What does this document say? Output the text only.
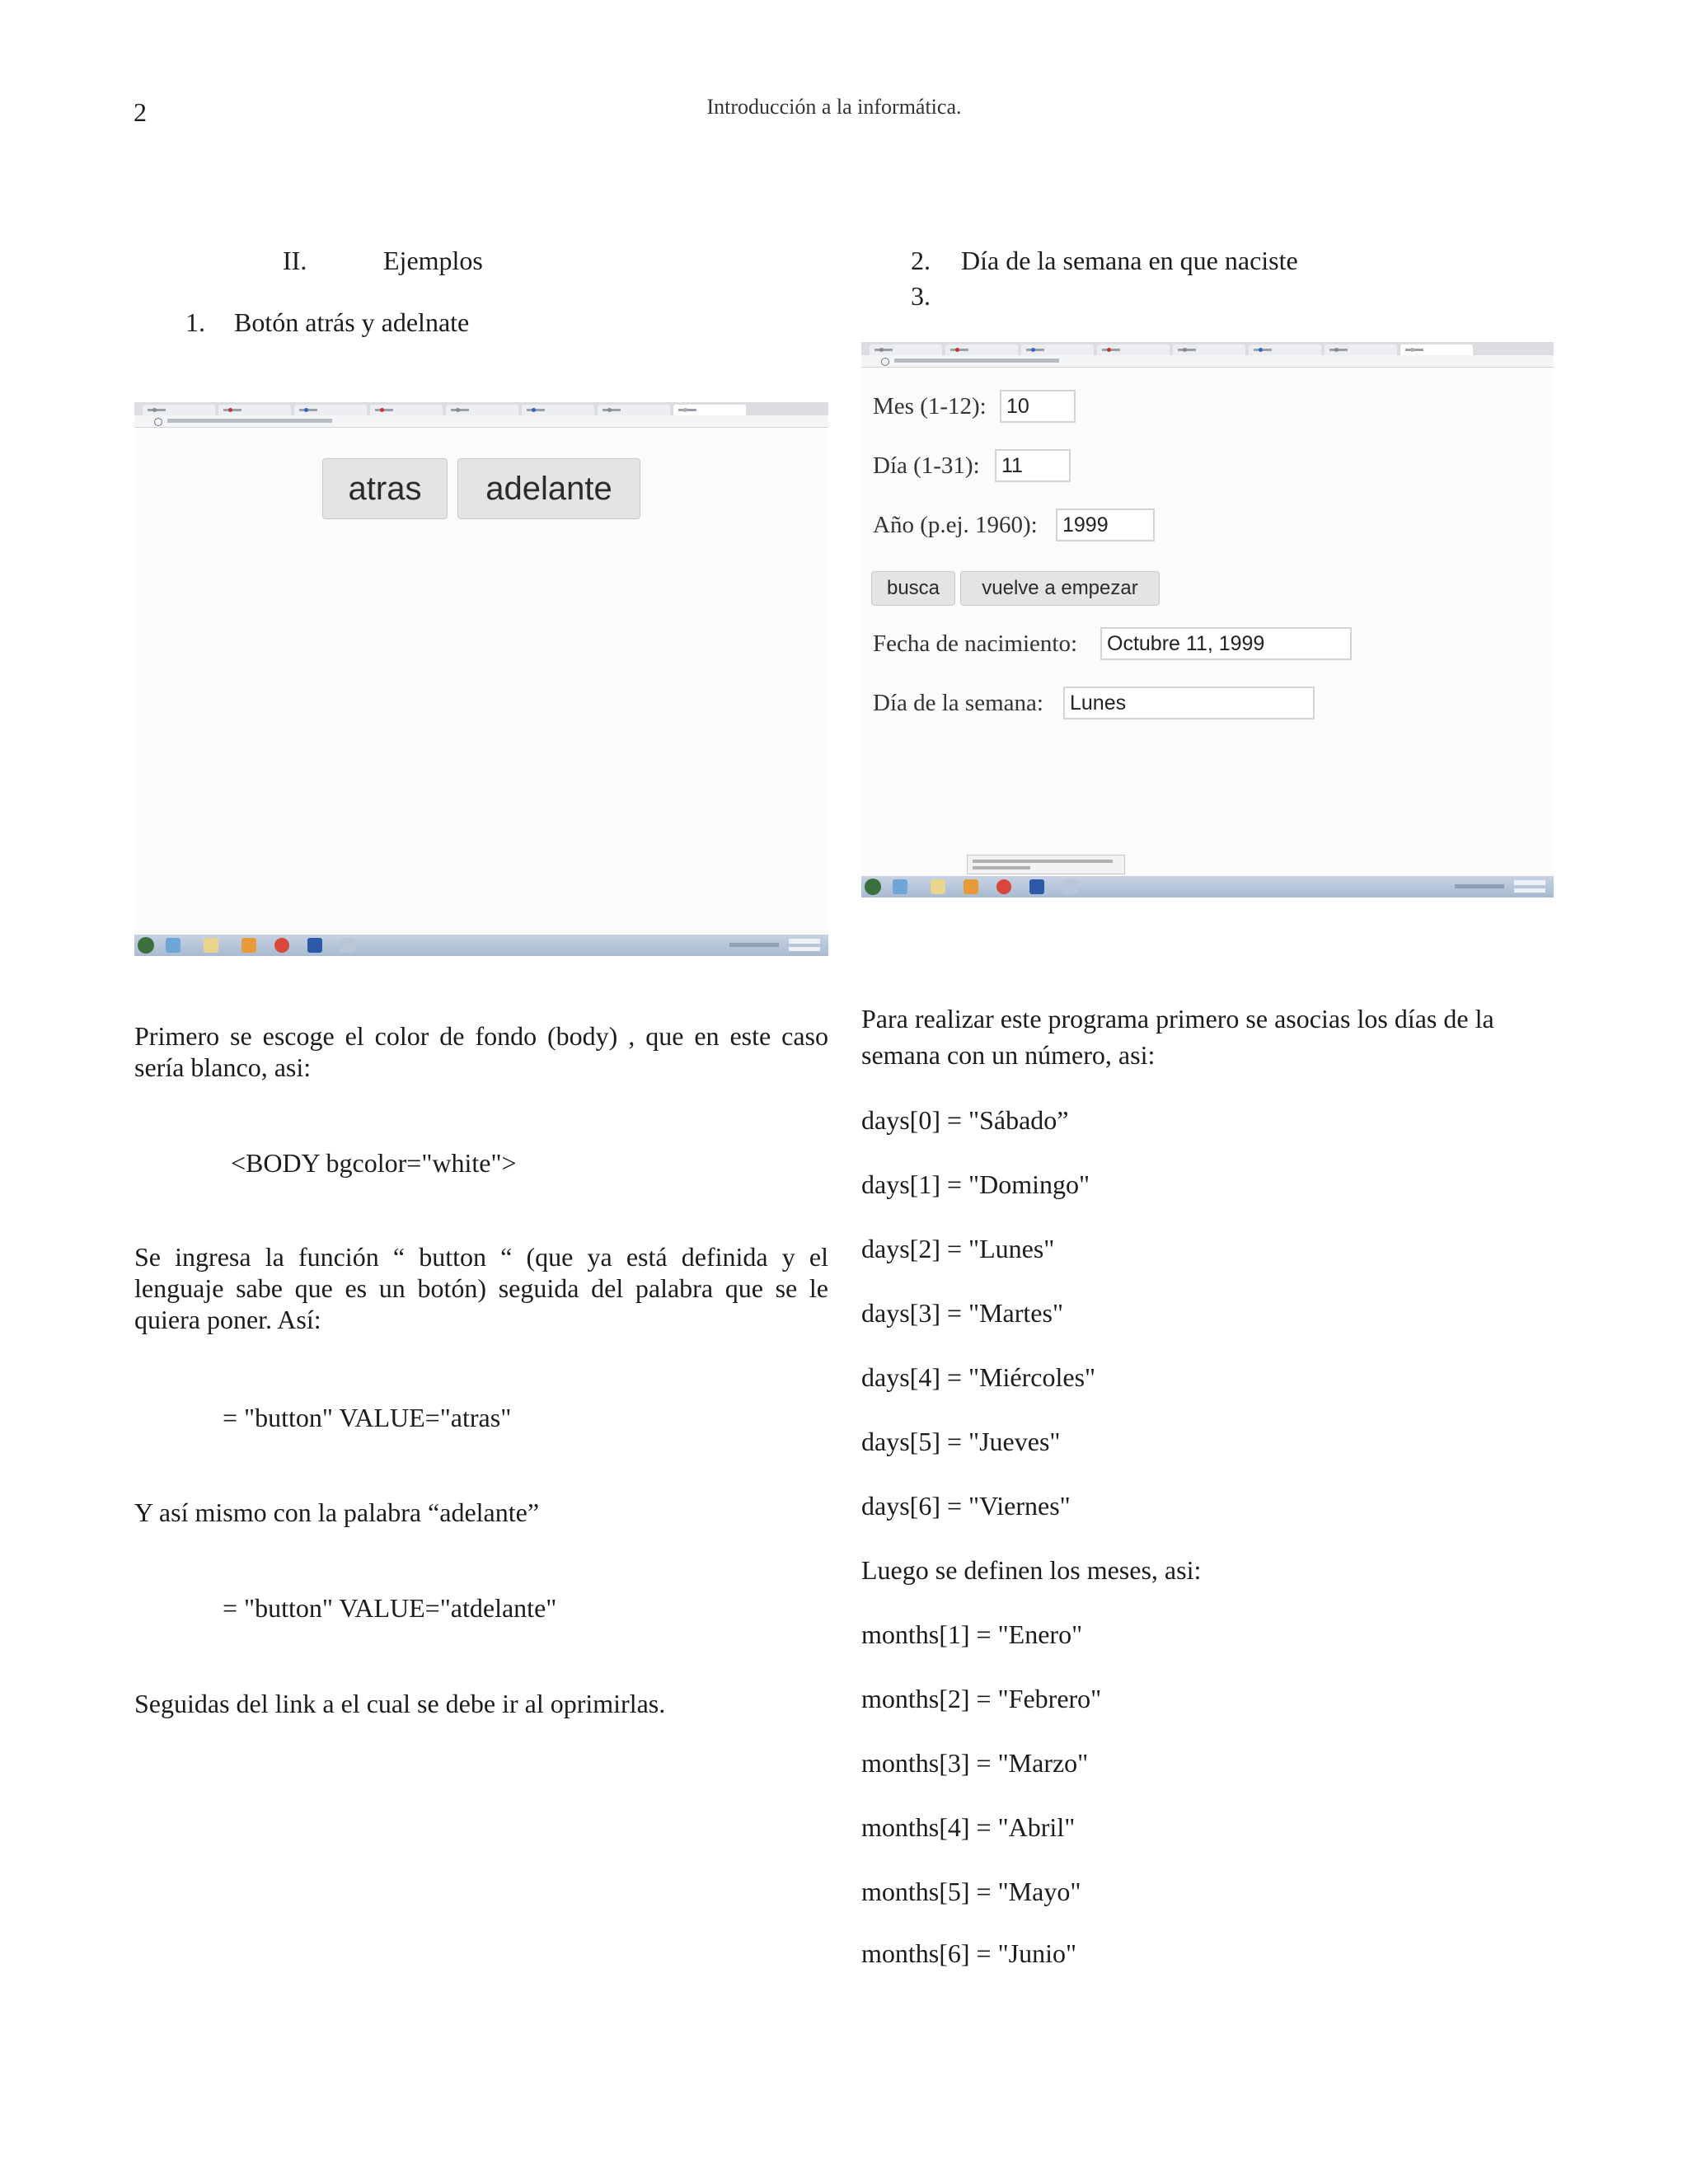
2	Introducción a la informática.
II.	Ejemplos
1. Botón atrás y adelnate
atras	adelante
Primero se escoge el color de fondo (body) , que en este caso sería blanco, asi:
<BODY bgcolor="white">
Se ingresa la función “ button “ (que ya está definida y el lenguaje sabe que es un botón) seguida del palabra que se le quiera poner. Así:
= "button" VALUE="atras"
Y así mismo con la palabra “adelante”
= "button" VALUE="atdelante"
Seguidas del link a el cual se debe ir al oprimirlas.
2. Día de la semana en que naciste
3.
Mes (1-12): 10
Día (1-31):	11
Año (p.ej. 1960):	1999
busca	vuelve a empezar
Fecha de nacimiento:	Octubre 11, 1999
Día de la semana:	Lunes
Para realizar este programa primero se asocias los días de la semana con un número, asi:
days[0] = "Sábado”
days[1] = "Domingo"
days[2] = "Lunes"
days[3] = "Martes"
days[4] = "Miércoles"
days[5] = "Jueves"
days[6] = "Viernes"
Luego se definen los meses, asi:
months[1] = "Enero"
months[2] = "Febrero"
months[3] = "Marzo"
months[4] = "Abril"
months[5] = "Mayo"
months[6] = "Junio"
